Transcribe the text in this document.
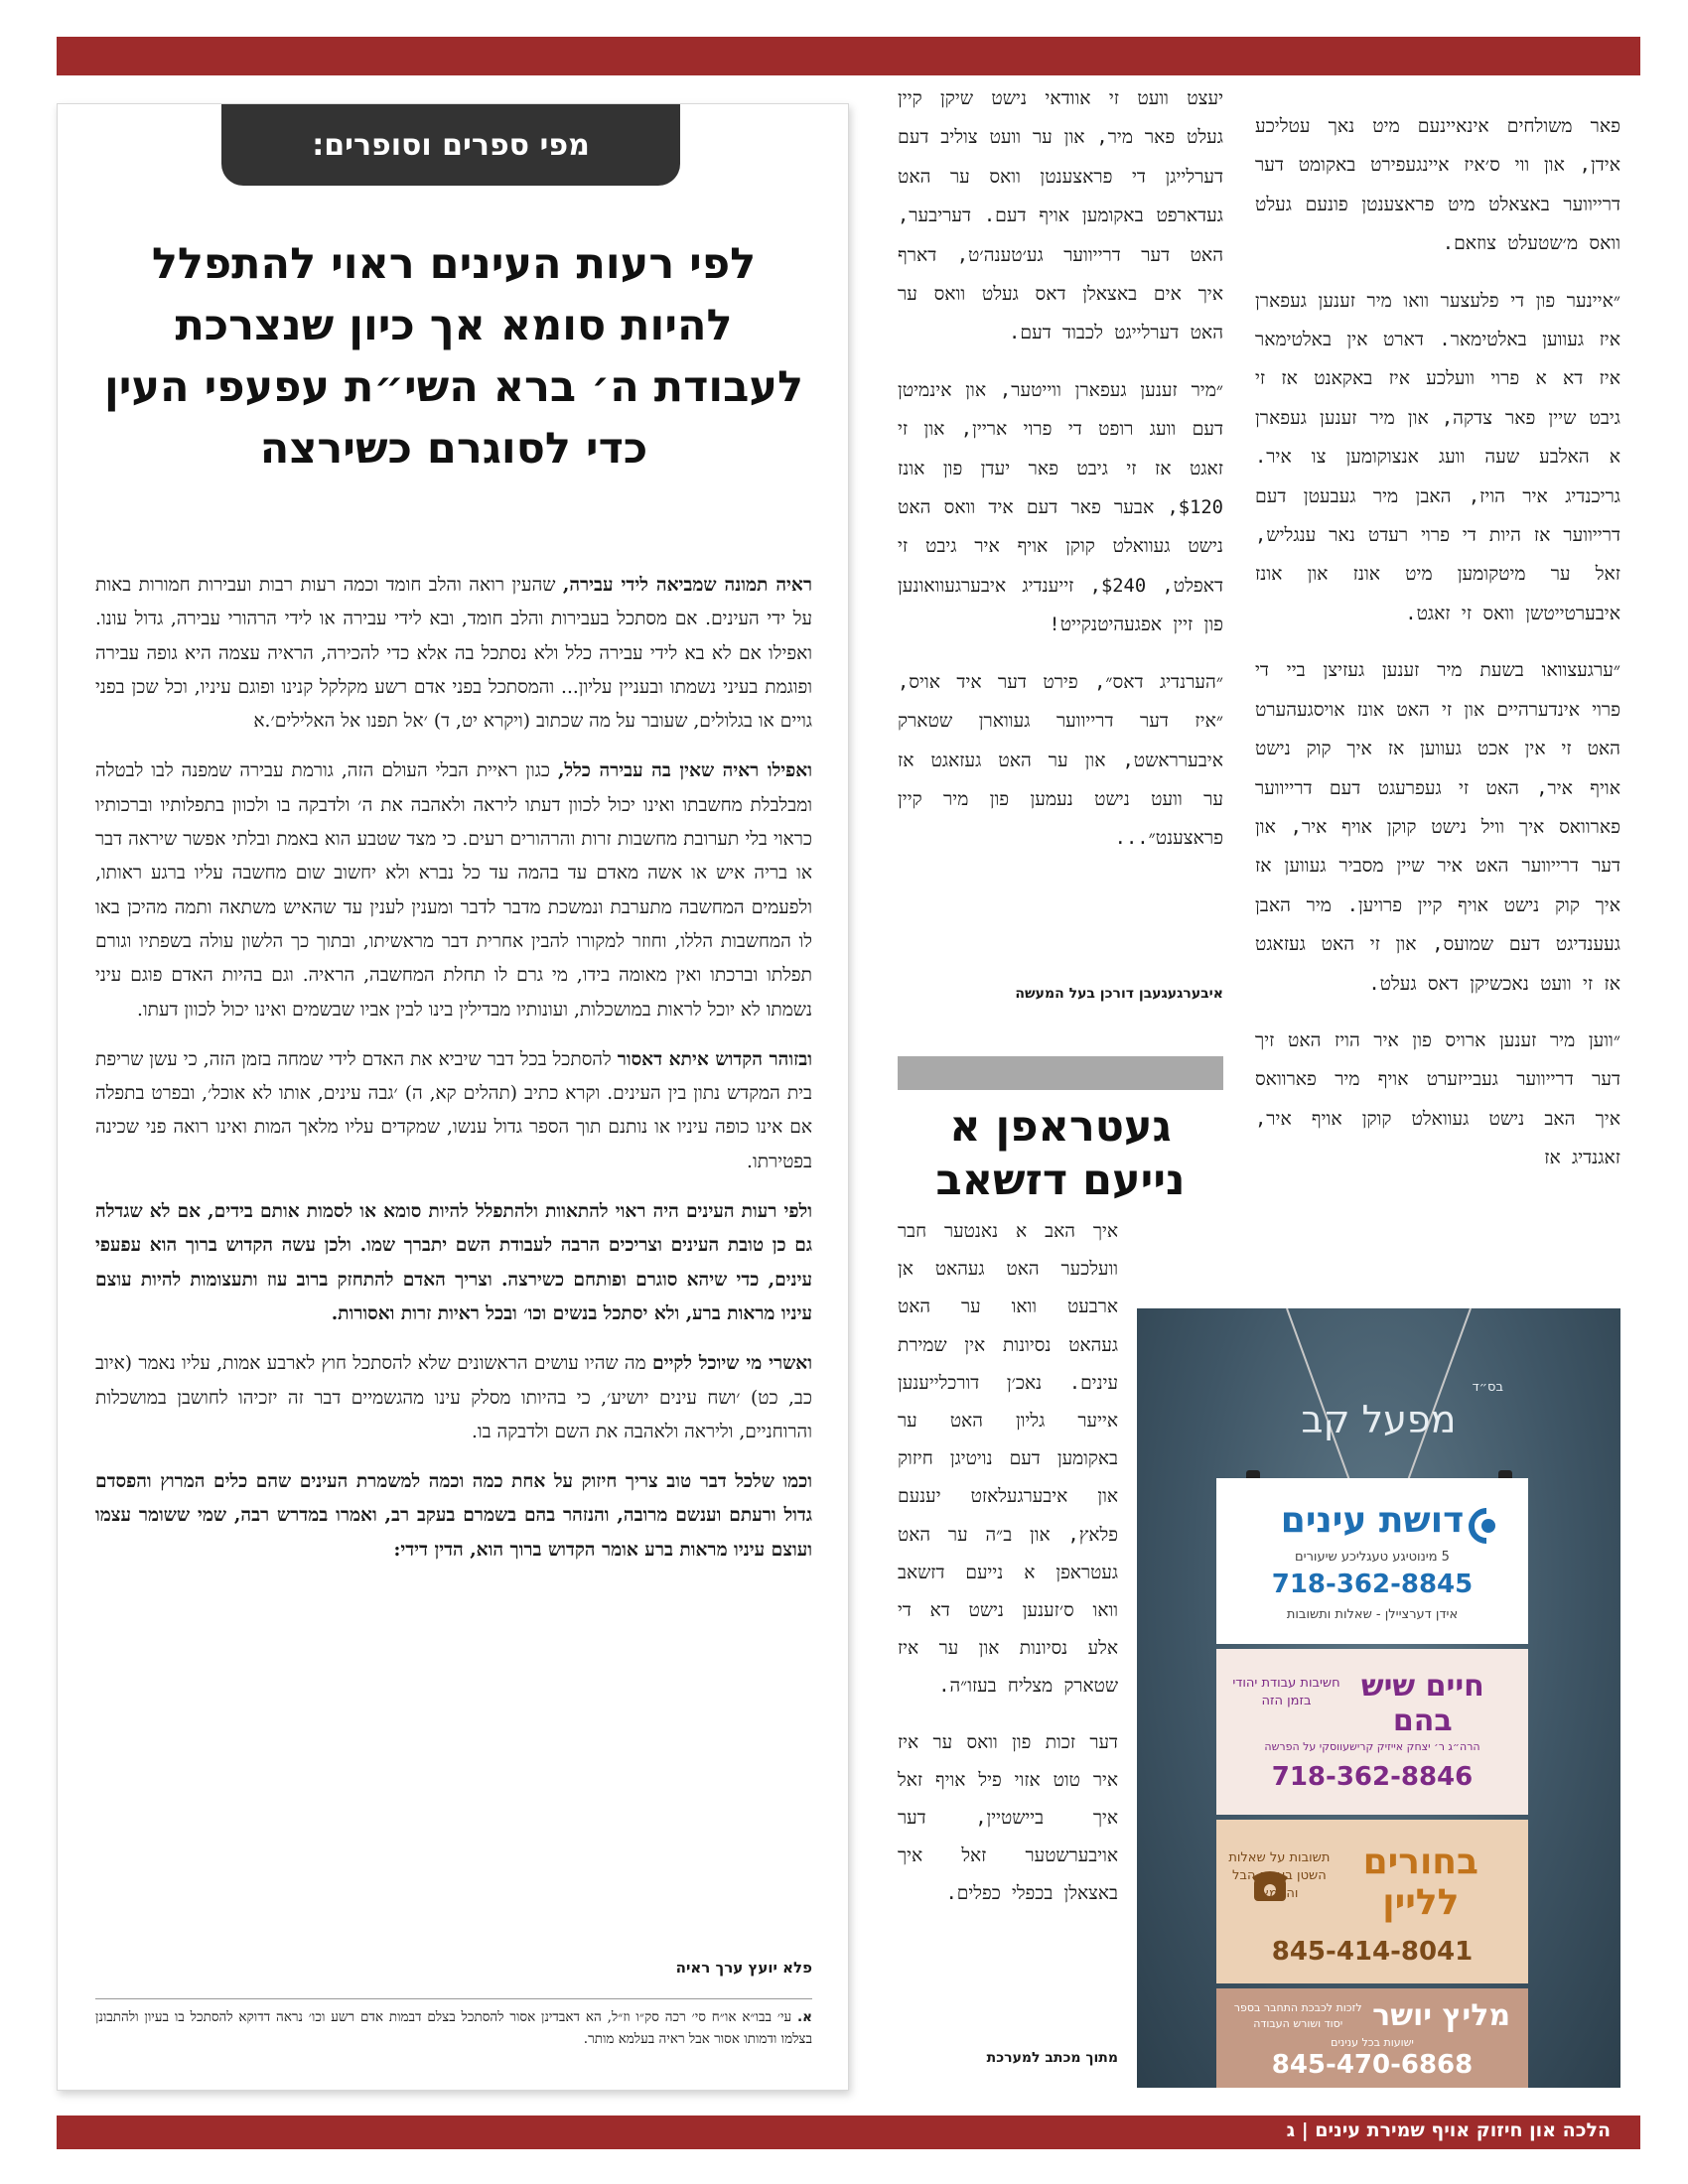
מפי ספרים וסופרים:
לפי רעות העינים ראוי להתפלל להיות סומא אך כיון שנצרכת לעבודת ה׳ ברא השי״ת עפעפי העין כדי לסוגרם כשירצה

ראיה תמונה שמביאה לידי עבירה, שהעין רואה והלב חומד וכמה רעות רבות ועבירות חמורות באות על ידי העינים. אם מסתכל בעבירות והלב חומד, ובא לידי עבירה או לידי הרהורי עבירה, גדול עונו. ואפילו אם לא בא לידי עבירה כלל ולא נסתכל בה אלא כדי להכירה, הראיה עצמה היא גופה עבירה ופוגמת בעיני נשמתו ובעניין עליון... והמסתכל בפני אדם רשע מקלקל קנינו ופוגם עיניו, וכל שכן בפני גויים או בגלולים, שעובר על מה שכתוב (ויקרא יט, ד) ׳אל תפנו אל האלילים׳.א

ואפילו ראיה שאין בה עבירה כלל, כגון ראיית הבלי העולם הזה, גורמת עבירה שמפנה לבו לבטלה ומבלבלת מחשבתו ואינו יכול לכוון דעתו ליראה ולאהבה את ה׳ ולדבקה בו ולכוון בתפלותיו וברכותיו כראוי בלי תערובת מחשבות זרות והרהורים רעים. כי מצד שטבע הוא באמת ובלתי אפשר שיראה דבר או בריה איש או אשה מאדם עד בהמה עד כל נברא ולא יחשוב שום מחשבה עליו ברגע ראותו, ולפעמים המחשבה מתערבת ונמשכת מדבר לדבר ומענין לענין עד שהאיש משתאה ותמה מהיכן באו לו המחשבות הללו, וחוזר למקורו להבין אחרית דבר מראשיתו, ובתוך כך הלשון עולה בשפתיו וגורם תפלתו וברכתו ואין מאומה בידו, מי גרם לו תחלת המחשבה, הראיה. וגם בהיות האדם פוגם עיני נשמתו לא יוכל לראות במושכלות, ועונותיו מבדילין בינו לבין אביו שבשמים ואינו יכול לכוון דעתו.

ובזוהר הקדוש איתא דאסור להסתכל בכל דבר שיביא את האדם לידי שמחה בזמן הזה, כי עשן שריפת בית המקדש נתון בין העינים. וקרא כתיב (תהלים קא, ה) ׳גבה עינים, אותו לא אוכל׳, ובפרט בתפלה אם אינו כופה עיניו או נותנם תוך הספר גדול ענשו, שמקדים עליו מלאך המות ואינו רואה פני שכינה בפטירתו.

ולפי רעות העינים היה ראוי להתאוות ולהתפלל להיות סומא או לסמות אותם בידים, אם לא שגדלה גם כן טובת העינים וצריכים הרבה לעבודת השם יתברך שמו. ולכן עשה הקדוש ברוך הוא עפעפי עינים, כדי שיהא סוגרם ופותחם כשירצה. וצריך האדם להתחזק ברוב עוז ותעצומות להיות עוצם עיניו מראות ברע, ולא יסתכל בנשים וכו׳ ובכל ראיות זרות ואסורות.

ואשרי מי שיוכל לקיים מה שהיו עושים הראשונים שלא להסתכל חוץ לארבע אמות, עליו נאמר (איוב כב, כט) ׳ושח עינים יושיע׳, כי בהיותו מסלק עינו מהגשמיים דבר זה יזכיהו לחושבן במושכלות והרוחניים, וליראה ולאהבה את השם ולדבקה בו.

וכמו שלכל דבר טוב צריך חיזוק על אחת כמה וכמה למשמרת העינים שהם כלים המרוץ והפסדם גדול ורעתם וענשם מרובה, והנזהר בהם בשמרם בעקב רב, ואמרו במדרש רבה, שמי ששומר עצמו ועוצם עיניו מראות ברע אומר הקדוש ברוך הוא, הדין דידי:

פלא יועץ ערך ראיה
א. עי׳ בבו״א או״ח סי׳ רכה סק״ו וז״ל, הא דאבדינן אסור להסתכל בצלם דבמות אדם רשע וכו׳ נראה דדוקא להסתכל בו בעיון ולהתבונן בצלמו ודמותו אסור אבל ראיה בעלמא מותר.

פאר משולחים אינאיינעם מיט נאך עטליכע אידן, און ווי ס׳איז איינגעפירט באקומט דער דרייווער באצאלט מיט פראצענטן פונעם געלט וואס מ׳שטעלט צוזאם.

״איינער פון די פלעצער וואו מיר זענען געפארן איז געווען באלטימאר. דארט אין באלטימאר איז דא א פרוי וועלכע איז באקאנט אז זי גיבט שיין פאר צדקה, און מיר זענען געפארן א האלבע שעה וועג אנצוקומען צו איר. גריכנדיג איר הויז, האבן מיר געבעטן דעם דרייווער אז היות די פרוי רעדט נאר ענגליש, זאל ער מיטקומען מיט אונז און אונז איבערטייטשן וואס זי זאגט.

״ערגעצוואו בשעת מיר זענען געזיצן ביי די פרוי אינדערהיים און זי האט אונז אויסגעהערט האט זי אין אכט געווען אז איך קוק נישט אויף איר, האט זי געפרעגט דעם דרייווער פארוואס איך וויל נישט קוקן אויף איר, און דער דרייווער האט איר שיין מסביר געווען אז איך קוק נישט אויף קיין פרויען. מיר האבן געענדיגט דעם שמועס, און זי האט געזאגט אז זי וועט נאכשיקן דאס געלט.

״ווען מיר זענען ארויס פון איר הויז האט זיך דער דרייווער געבייזערט אויף מיר פארוואס איך האב נישט געוואלט קוקן אויף איר, זאגנדיג אז

יעצט וועט זי אוודאי נישט שיקן קיין געלט פאר מיר, און ער וועט צוליב דעם דערלייגן די פראצענטן וואס ער האט געדארפט באקומען אויף דעם. דעריבער, האט דער דרייווער גע׳טענה׳ט, דארף איך אים באצאלן דאס געלט וואס ער האט דערלייגט לכבוד דעם.

״מיר זענען געפארן ווייטער, און אינמיטן דעם וועג רופט די פרוי אריין, און זי זאגט אז זי גיבט פאר יעדן פון אונז $120, אבער פאר דעם איד וואס האט נישט געוואלט קוקן אויף איר גיבט זי דאפלט, $240, זייענדיג איבערגעוואונען פון זיין אפגעהיטנקייט!

״הערנדיג דאס״, פירט דער איד אויס, ״איז דער דרייווער געווארן שטארק איבערראשט, און ער האט געזאגט אז ער וועט נישט נעמען פון מיר קיין פראצענט״...

איבערגעגעבן דורכן בעל המעשה
געטראפן א נייעם דזשאב

איך האב א נאנטער חבר וועלכער האט געהאט אן ארבעט וואו ער האט געהאט נסיונות אין שמירת עינים. נאכ׳ן דורכלייענען אייער גליון האט ער באקומען דעם נויטיגן חיזוק און איבערגעלאזט יענעם פלאץ, און ב״ה ער האט געטראפן א נייעם דזשאב וואו ס׳זענען נישט דא די אלע נסיונות און ער איז שטארק מצליח בעזו״ה.

דער זכות פון וואס ער איז איר טוט אזוי פיל אויף זאל איך ביישטיין, דער אויבערשטער זאל איך באצאלן בכפלי כפלים.

מתוך מכתב למערכת
בס״ד
מפעל קב
דושת עינים
5 מינוטיגע טעגליכע שיעורים
718-362-8845
אידן דערציילן - שאלות ותשובות
חיים שיש בהם
חשיבות עבודת יהודי בזמן הזה
הרה״ג ר׳ יצחק אייזיק קרישעווסקי על הפרשה
718-362-8846
בחורים לליין
תשובות על שאלות השטן בעסק הבל והטמא
845-414-8041
מליץ יושר
לזכות לכבכת התחבר בספר יסוד ושורש העבודה
ישועות בכל ענינים
845-470-6868
הלכה און חיזוק אויף שמירת עינים | ג
